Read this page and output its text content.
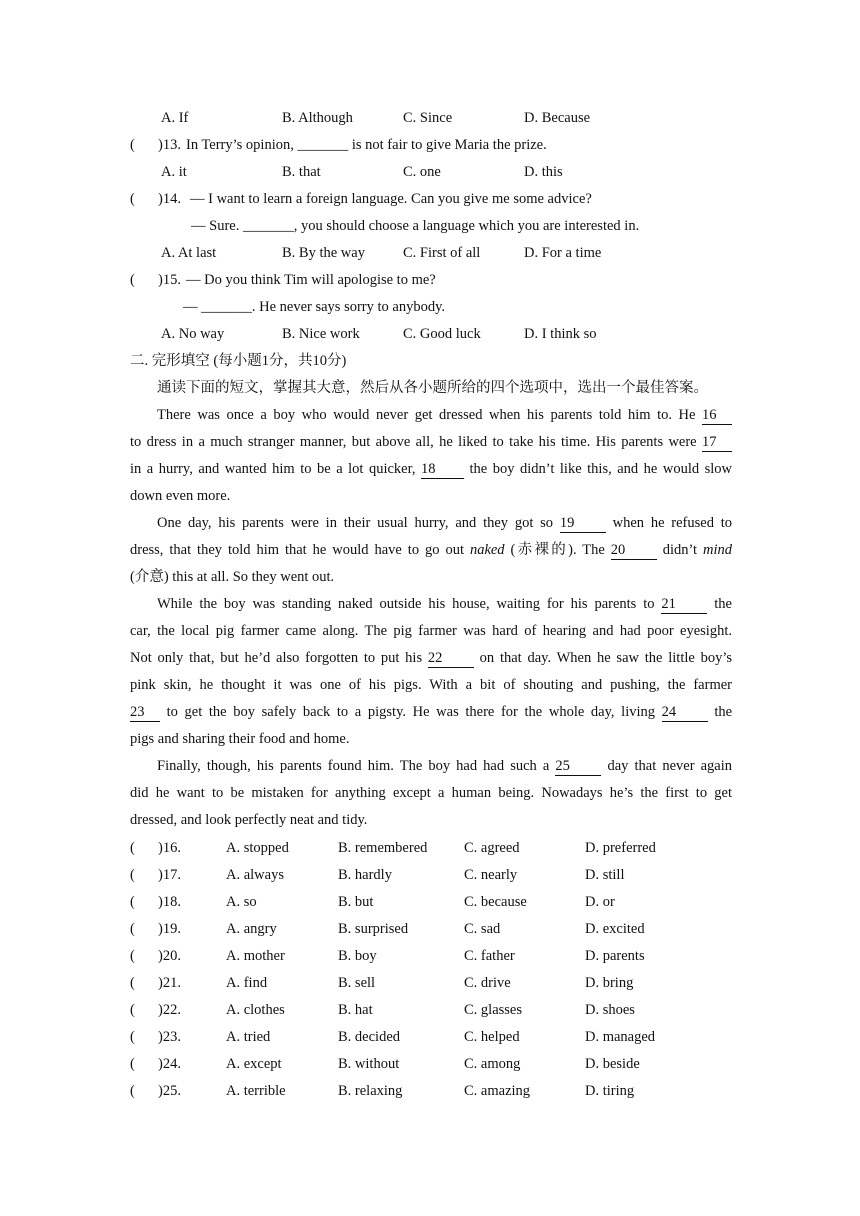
A. If	B. Although	C. Since	D. Because
( )13. In Terry’s opinion, _______ is not fair to give Maria the prize.
A. it	B. that	C. one	D. this
( )14. — I want to learn a foreign language. Can you give me some advice?
— Sure. _______, you should choose a language which you are interested in.
A. At last	B. By the way	C. First of all	D. For a time
( )15. — Do you think Tim will apologise to me?
— _______. He never says sorry to anybody.
A. No way	B. Nice work	C. Good luck	D. I think so
二. 完形填空 (每小题1分，共10分)
通读下面的短文，掌握其大意，然后从各小题所给的四个选项中，选出一个最佳答案。
There was once a boy who would never get dressed when his parents told him to. He 16
to dress in a much stranger manner, but above all, he liked to take his time. His parents were 17
in a hurry, and wanted him to be a lot quicker, 18 the boy didn’t like this, and he would slow
down even more.
One day, his parents were in their usual hurry, and they got so 19	when he refused to
dress, that they told him that he would have to go out naked (赤裸的). The 20	didn’t mind
(介意) this at all. So they went out.
While the boy was standing naked outside his house, waiting for his parents to 21	the
car, the local pig farmer came along. The pig farmer was hard of hearing and had poor eyesight.
Not only that, but he’d also forgotten to put his 22	on that day. When he saw the little boy’s
pink skin, he thought it was one of his pigs. With a bit of shouting and pushing, the farmer
23 to get the boy safely back to a pigsty. He was there for the whole day, living 24	the
pigs and sharing their food and home.
Finally, though, his parents found him. The boy had had such a 25	day that never again
did he want to be mistaken for anything except a human being. Nowadays he’s the first to get
dressed, and look perfectly neat and tidy.
( )16.	A. stopped	B. remembered	C. agreed	D. preferred
( )17.	A. always	B. hardly	C. nearly	D. still
( )18.	A. so	B. but	C. because	D. or
( )19.	A. angry	B. surprised	C. sad	D. excited
( )20.	A. mother	B. boy	C. father	D. parents
( )21.	A. find	B. sell	C. drive	D. bring
( )22.	A. clothes	B. hat	C. glasses	D. shoes
( )23.	A. tried	B. decided	C. helped	D. managed
( )24.	A. except	B. without	C. among	D. beside
( )25.	A. terrible	B. relaxing	C. amazing	D. tiring
